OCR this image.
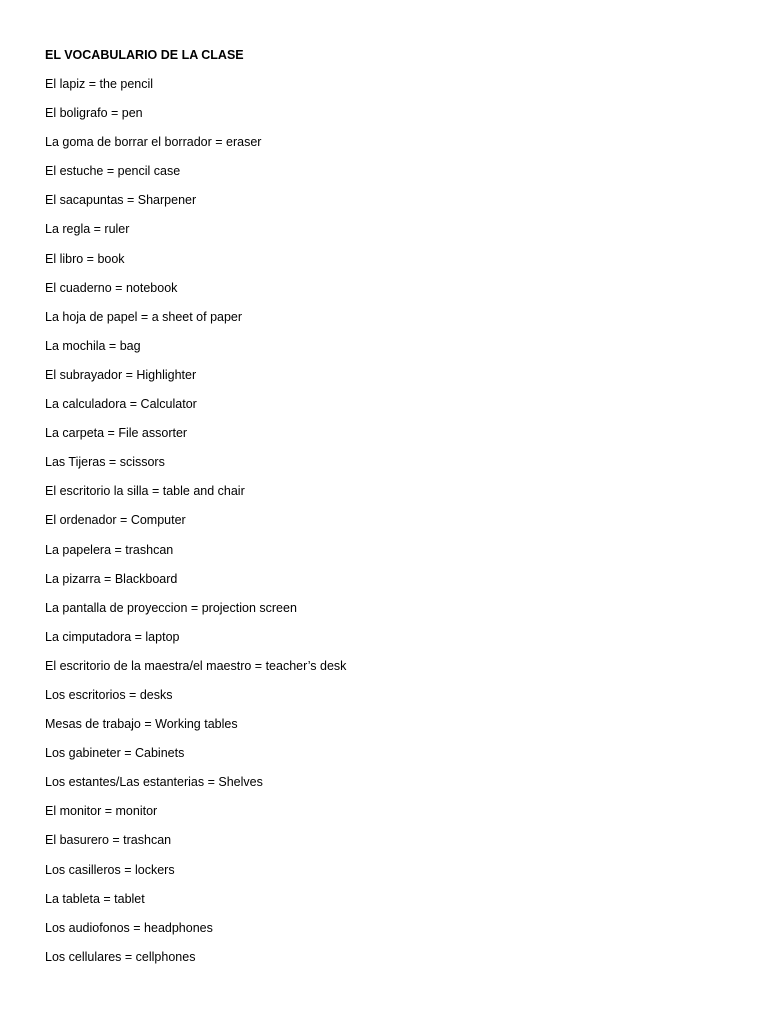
EL VOCABULARIO DE LA CLASE
El lapiz = the pencil
El boligrafo = pen
La goma de borrar el borrador = eraser
El estuche = pencil case
El sacapuntas = Sharpener
La regla = ruler
El libro = book
El cuaderno = notebook
La hoja de papel = a sheet of paper
La mochila = bag
El subrayador = Highlighter
La calculadora = Calculator
La carpeta = File assorter
Las Tijeras = scissors
El escritorio la silla = table and chair
El ordenador = Computer
La papelera = trashcan
La pizarra = Blackboard
La pantalla de proyeccion = projection screen
La cimputadora = laptop
El escritorio de la maestra/el maestro = teacher’s desk
Los escritorios = desks
Mesas de trabajo = Working tables
Los gabineter = Cabinets
Los estantes/Las estanterias = Shelves
El monitor = monitor
El basurero = trashcan
Los casilleros = lockers
La tableta = tablet
Los audiofonos = headphones
Los cellulares = cellphones
